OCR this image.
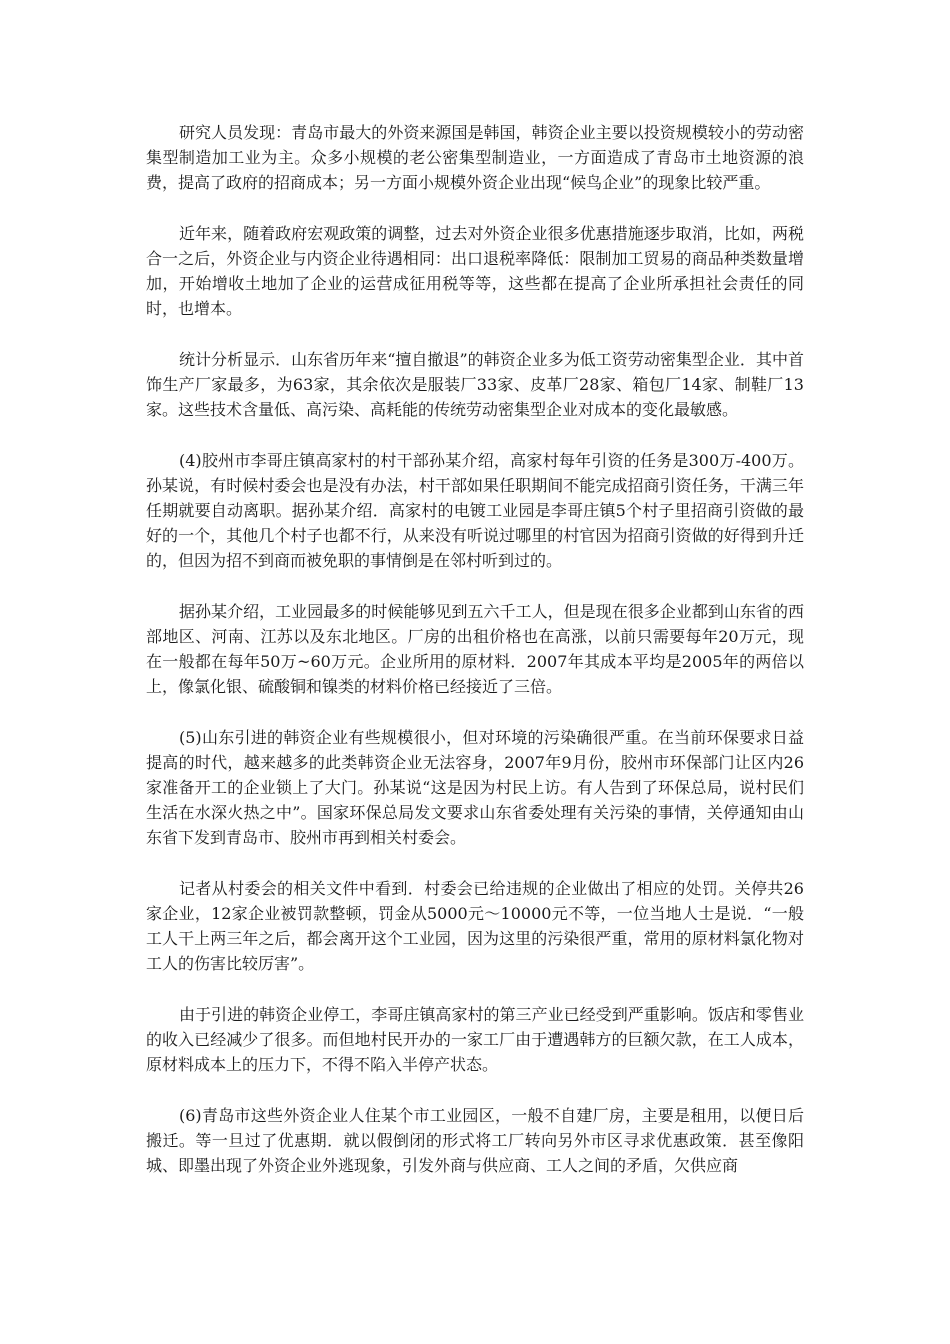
研究人员发现：青岛市最大的外资来源国是韩国，韩资企业主要以投资规模较小的劳动密集型制造加工业为主。众多小规模的老公密集型制造业，一方面造成了青岛市土地资源的浪费，提高了政府的招商成本；另一方面小规模外资企业出现“候鸟企业”的现象比较严重。

近年来，随着政府宏观政策的调整，过去对外资企业很多优惠措施逐步取消，比如，两税合一之后，外资企业与内资企业待遇相同：出口退税率降低：限制加工贸易的商品种类数量增加，开始增收土地加了企业的运营成征用税等等，这些都在提高了企业所承担社会责任的同时，也增本。

统计分析显示．山东省历年来“擅自撤退”的韩资企业多为低工资劳动密集型企业．其中首饰生产厂家最多，为63家，其余依次是服装厂33家、皮革厂28家、箱包厂14家、制鞋厂13家。这些技术含量低、高污染、高耗能的传统劳动密集型企业对成本的变化最敏感。

(4)胶州市李哥庄镇高家村的村干部孙某介绍，高家村每年引资的任务是300万-400万。孙某说，有时候村委会也是没有办法，村干部如果任职期间不能完成招商引资任务，干满三年任期就要自动离职。据孙某介绍．高家村的电镀工业园是李哥庄镇5个村子里招商引资做的最好的一个，其他几个村子也都不行，从来没有听说过哪里的村官因为招商引资做的好得到升迁的，但因为招不到商而被免职的事情倒是在邻村听到过的。

据孙某介绍，工业园最多的时候能够见到五六千工人，但是现在很多企业都到山东省的西部地区、河南、江苏以及东北地区。厂房的出租价格也在高涨，以前只需要每年20万元，现在一般都在每年50万~60万元。企业所用的原材料．2007年其成本平均是2005年的两倍以上，像氯化银、硫酸铜和镍类的材料价格已经接近了三倍。

(5)山东引进的韩资企业有些规模很小，但对环境的污染确很严重。在当前环保要求日益提高的时代，越来越多的此类韩资企业无法容身，2007年9月份，胶州市环保部门让区内26家准备开工的企业锁上了大门。孙某说“这是因为村民上访。有人告到了环保总局，说村民们生活在水深火热之中”。国家环保总局发文要求山东省委处理有关污染的事情，关停通知由山东省下发到青岛市、胶州市再到相关村委会。

记者从村委会的相关文件中看到．村委会已给违规的企业做出了相应的处罚。关停共26家企业，12家企业被罚款整顿，罚金从5000元～10000元不等，一位当地人士是说．“一般工人干上两三年之后，都会离开这个工业园，因为这里的污染很严重，常用的原材料氯化物对工人的伤害比较厉害”。

由于引进的韩资企业停工，李哥庄镇高家村的第三产业已经受到严重影响。饭店和零售业的收入已经减少了很多。而但地村民开办的一家工厂由于遭遇韩方的巨额欠款，在工人成本，原材料成本上的压力下，不得不陷入半停产状态。

(6)青岛市这些外资企业人住某个市工业园区，一般不自建厂房，主要是租用，以便日后搬迁。等一旦过了优惠期．就以假倒闭的形式将工厂转向另外市区寻求优惠政策．甚至像阳城、即墨出现了外资企业外逃现象，引发外商与供应商、工人之间的矛盾，欠供应商
